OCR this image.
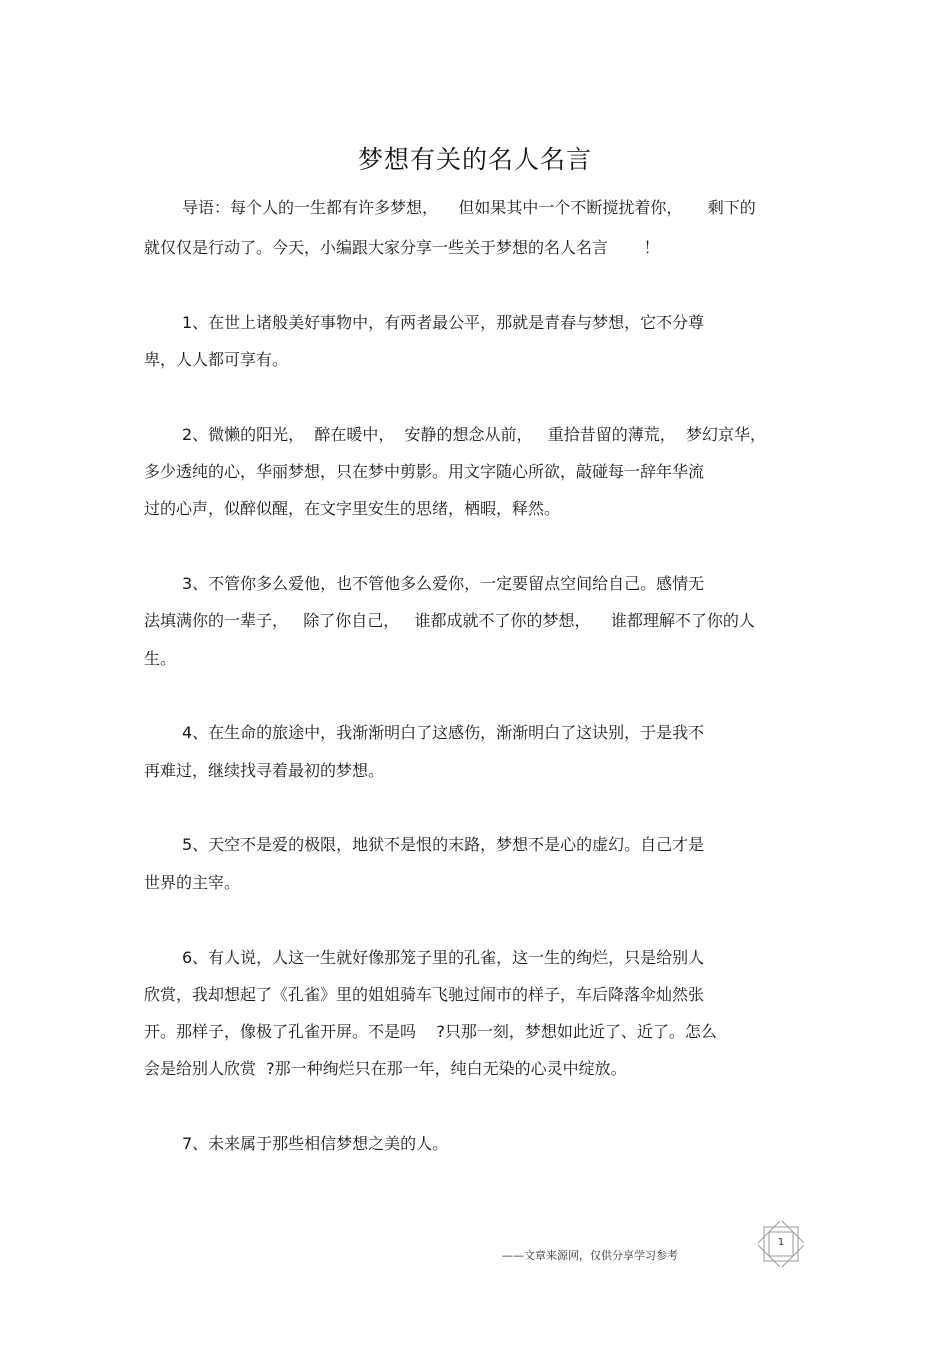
梦想有关的名人名言
导语：每个人的一生都有许多梦想，    但如果其中一个不断搅扰着你，     剩下的
就仅仅是行动了。今天，小编跟大家分享一些关于梦想的名人名言       ！
1、在世上诸般美好事物中，有两者最公平，那就是青春与梦想，它不分尊
卑，人人都可享有。
2、微懒的阳光，  醉在暖中，  安静的想念从前，   重拾昔留的薄荒，  梦幻京华，
多少透纯的心，华丽梦想，只在梦中剪影。用文字随心所欲，敲碰每一辞年华流
过的心声，似醉似醒，在文字里安生的思绪，栖暇，释然。
3、不管你多么爱他，也不管他多么爱你，一定要留点空间给自己。感情无
法填满你的一辈子，   除了你自己，   谁都成就不了你的梦想，    谁都理解不了你的人
生。
4、在生命的旅途中，我渐渐明白了这感伤，渐渐明白了这诀别，于是我不
再难过，继续找寻着最初的梦想。
5、天空不是爱的极限，地狱不是恨的末路，梦想不是心的虚幻。自己才是
世界的主宰。
6、有人说，人这一生就好像那笼子里的孔雀，这一生的绚烂，只是给别人
欣赏，我却想起了《孔雀》里的姐姐骑车飞驰过闹市的样子，车后降落伞灿然张
开。那样子，像极了孔雀开屏。不是吗    ?只那一刻，梦想如此近了、近了。怎么
会是给别人欣赏  ?那一种绚烂只在那一年，纯白无染的心灵中绽放。
7、未来属于那些相信梦想之美的人。
——文章来源网，仅供分享学习参考
1
